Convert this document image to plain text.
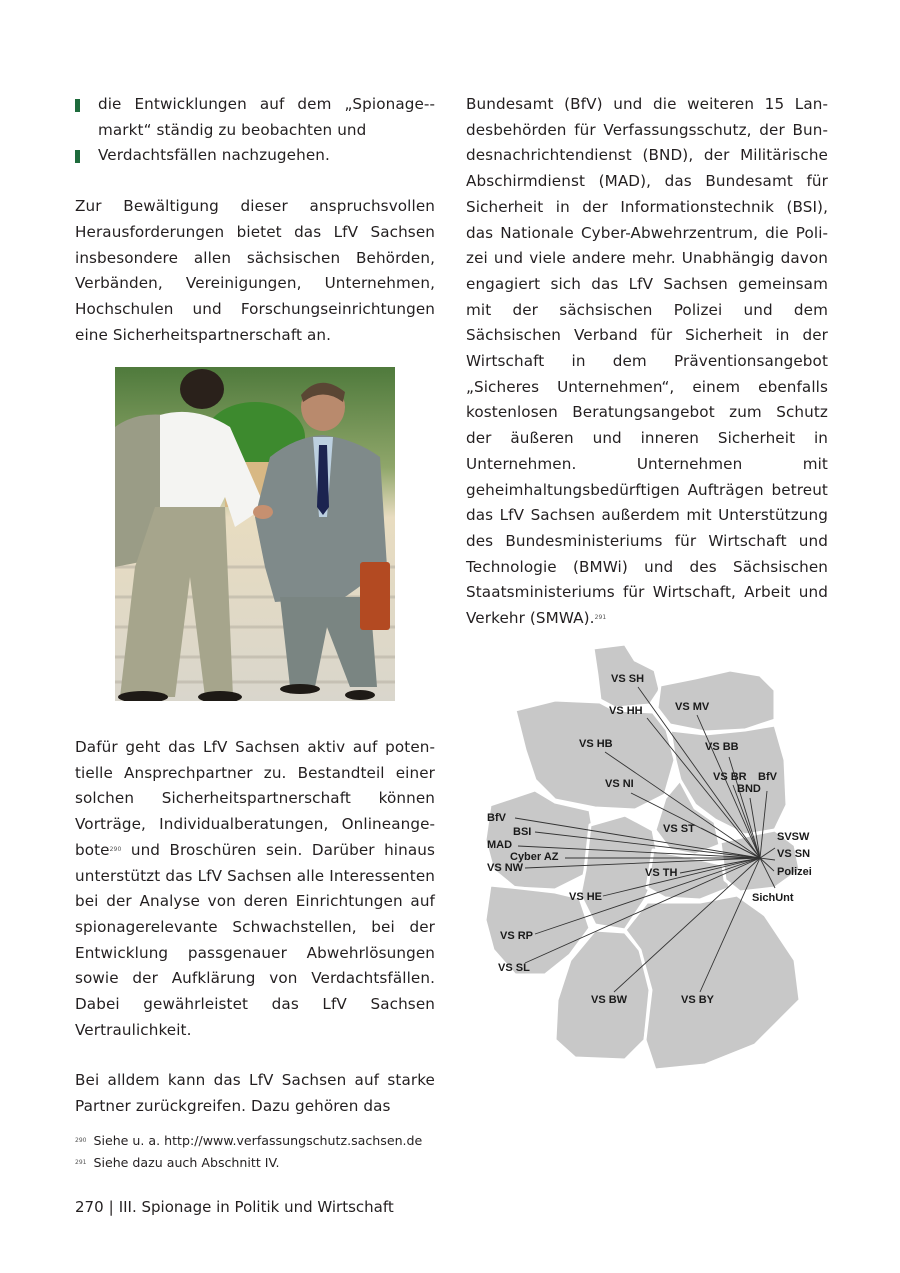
die Entwicklungen auf dem „Spionage-markt“ ständig zu beobachten und
Verdachtsfällen nachzugehen.

Zur Bewältigung dieser anspruchsvollen Herausforderungen bietet das LfV Sachsen insbesondere allen sächsischen Behörden, Verbänden, Vereinigungen, Unternehmen, Hochschulen und Forschungseinrichtungen eine Sicherheitspartnerschaft an.

Dafür geht das LfV Sachsen aktiv auf potentielle Ansprechpartner zu. Bestandteil einer solchen Sicherheitspartnerschaft können Vorträge, Individualberatungen, Onlineangebote$^{290}$ und Broschüren sein. Darüber hinaus unterstützt das LfV Sachsen alle Interessenten bei der Analyse von deren Einrichtungen auf spionagerelevante Schwachstellen, bei der Entwicklung passgenauer Abwehrlösungen sowie der Aufklärung von Verdachtsfällen. Dabei gewährleistet das LfV Sachsen Vertraulichkeit.

Bei alldem kann das LfV Sachsen auf starke Partner zurückgreifen. Dazu gehören das

Bundesamt (BfV) und die weiteren 15 Landesbehörden für Verfassungsschutz, der Bundesnachrichtendienst (BND), der Militärische Abschirmdienst (MAD), das Bundesamt für Sicherheit in der Informationstechnik (BSI), das Nationale Cyber-Abwehrzentrum, die Polizei und viele andere mehr. Unabhängig davon engagiert sich das LfV Sachsen gemeinsam mit der sächsischen Polizei und dem Sächsischen Verband für Sicherheit in der Wirtschaft in dem Präventionsangebot „Sicheres Unternehmen“, einem ebenfalls kostenlosen Beratungsangebot zum Schutz der äußeren und inneren Sicherheit in Unternehmen. Unternehmen mit geheimhaltungsbedürftigen Aufträgen betreut das LfV Sachsen außerdem mit Unterstützung des Bundesministeriums für Wirtschaft und Technologie (BMWi) und des Sächsischen Staatsministeriums für Wirtschaft, Arbeit und Verkehr (SMWA).$^{291}$

VS SH
VS HH	VS MV
VS HB	VS BB
VS BR BfV
BND
VS NI
BfV
VS ST
BSI	SVSW
MAD
VS SN
Cyber AZ
VS NW	VS TH	Polizei
VS HE	SichUnt
VS RP
VS SL
VS BW	VS BY
$^{290}$ Siehe u. a. http://www.verfassungschutz.sachsen.de
$^{291}$ Siehe dazu auch Abschnitt IV.
270 | III. Spionage in Politik und Wirtschaft
